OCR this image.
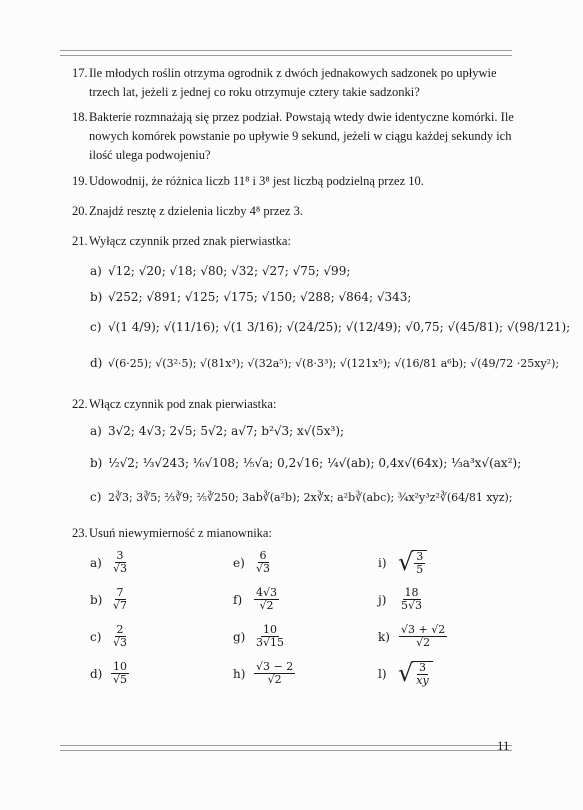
17.Ile młodych roślin otrzyma ogrodnik z dwóch jednakowych sadzonek po upływie
trzech lat, jeżeli z jednej co roku otrzymuje cztery takie sadzonki?
18.Bakterie rozmnażają się przez podział. Powstają wtedy dwie identyczne komórki. Ile
nowych komórek powstanie po upływie 9 sekund, jeżeli w ciągu każdej sekundy ich
ilość ulega podwojeniu?
19.Udowodnij, że różnica liczb 11⁸ i 3⁸ jest liczbą podzielną przez 10.
20.Znajdź resztę z dzielenia liczby 4⁸ przez 3.
21.Wyłącz czynnik przed znak pierwiastka:
a) √12; √20; √18; √80; √32; √27; √75; √99;
b) √252; √891; √125; √175; √150; √288; √864; √343;
c) √(1 4/9); √(11/16); √(1 3/16); √(24/25); √(12/49); √0,75; √(45/81); √(98/121);
d) √(6·25); √(3²·5); √(81x³); √(32a⁵); √(8·3³); √(121x⁵); √(16/81 a⁶b); √(49/72 ·25xy²);
22.Włącz czynnik pod znak pierwiastka:
a) 3√2; 4√3; 2√5; 5√2; a√7; b²√3; x√(5x³);
b) ½√2; ⅓√243; ⅙√108; ⅕√a; 0,2√16; ¼√(ab); 0,4x√(64x); ⅓a³x√(ax²);
c) 2∛3; 3∛5; ⅔∛9; ⅖∛250; 3ab∛(a²b); 2x∛x; a²b∛(abc); ¾x²y³z²∛(64/81 xyz);
23.Usuń niewymierność z mianownika:
$a) \frac{3}{√3}$
$b) \frac{7}{√7}$
$c) \frac{2}{√3}$
$d) \frac{10}{√5}$
$e) \frac{6}{√3}$
f)	$\frac{4√3}{√2}$
$g) \frac{10}{3√15}$
$h) \frac{√3 - 2}{√2}$
i) √ $\frac{3}{5}$
j)	$\frac{18}{5√3}$
$k) \frac{√3 + √2}{√2}$
l) √ $\frac{3}{xy}$
11
